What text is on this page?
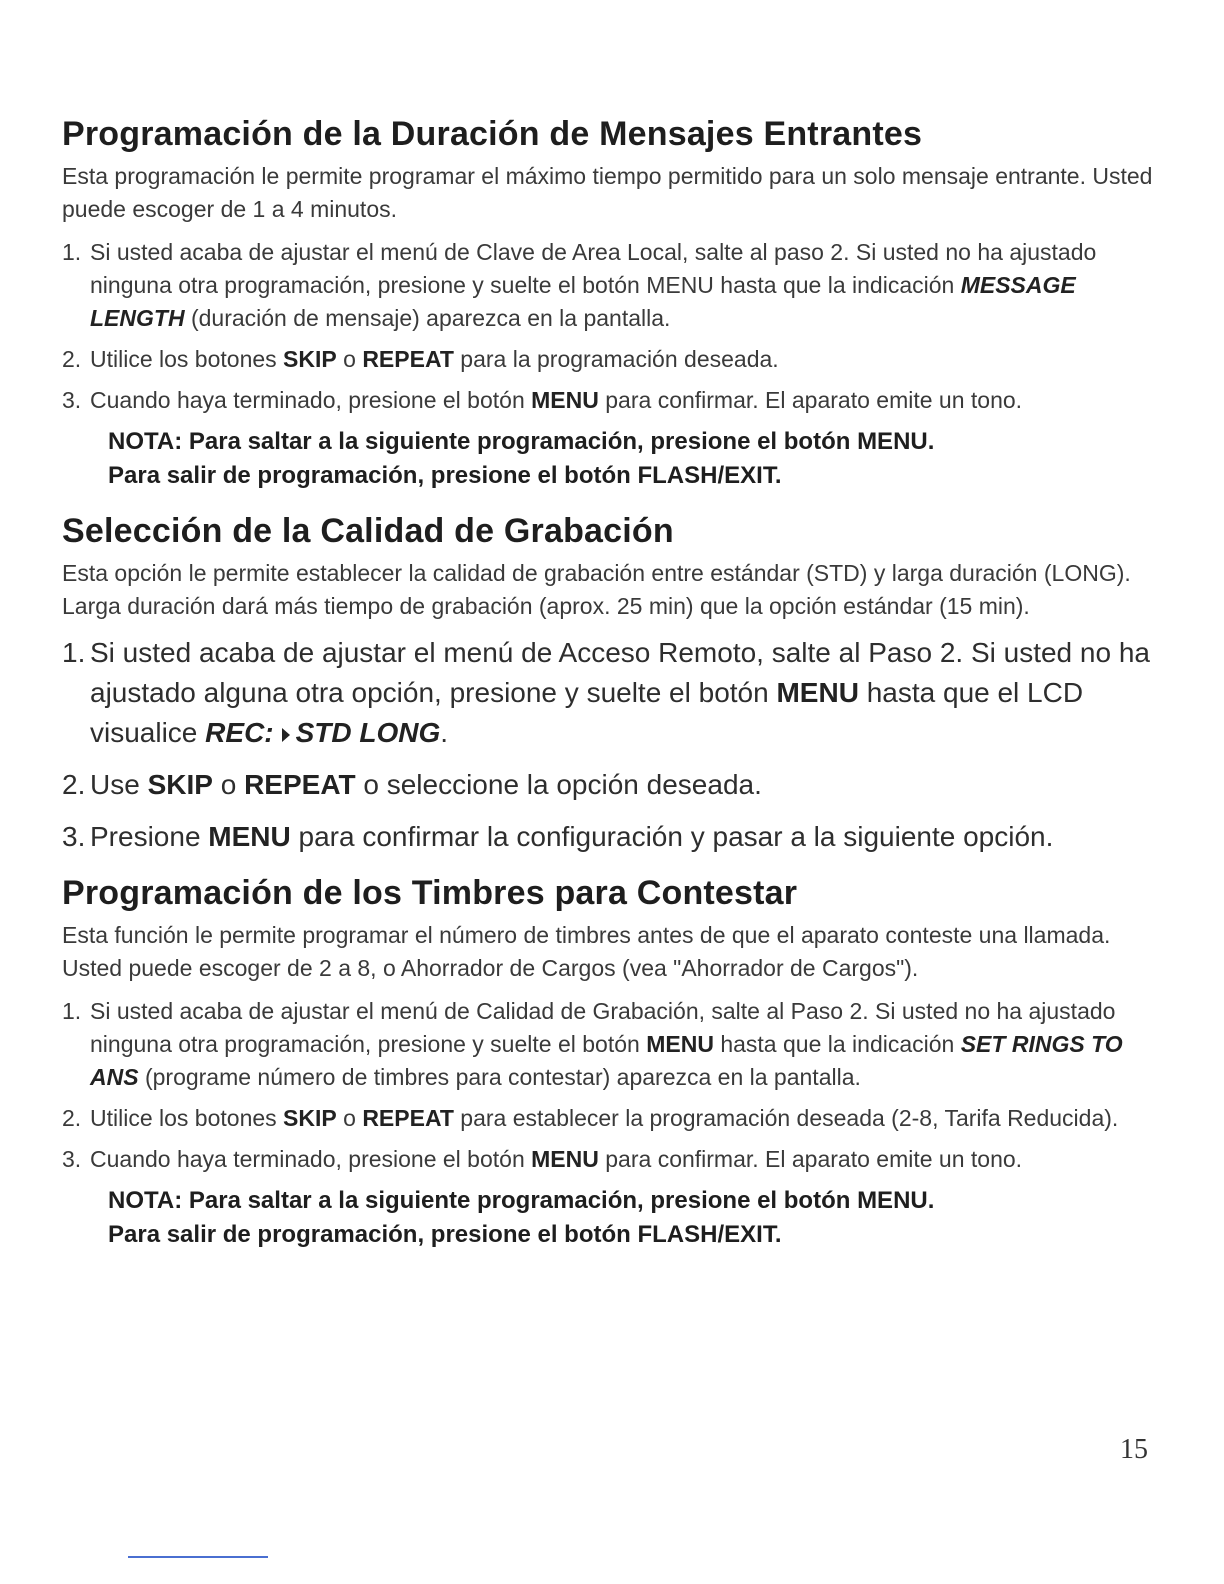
Programación de la Duración de Mensajes Entrantes

Esta programación le permite programar el máximo tiempo permitido para un solo mensaje entrante. Usted puede escoger de 1 a 4 minutos.

1. Si usted acaba de ajustar el menú de Clave de Area Local, salte al paso 2. Si usted no ha ajustado ninguna otra programación, presione y suelte el botón MENU hasta que la indicación MESSAGE LENGTH (duración de mensaje) aparezca en la pantalla.
2. Utilice los botones SKIP o REPEAT para la programación deseada.
3. Cuando haya terminado, presione el botón MENU para confirmar. El aparato emite un tono.
NOTA: Para saltar a la siguiente programación, presione el botón MENU.
Para salir de programación, presione el botón FLASH/EXIT.
Selección de la Calidad de Grabación

Esta opción le permite establecer la calidad de grabación entre estándar (STD) y larga duración (LONG). Larga duración dará más tiempo de grabación (aprox. 25 min) que la opción estándar (15 min).

1. Si usted acaba de ajustar el menú de Acceso Remoto, salte al Paso 2. Si usted no ha ajustado alguna otra opción, presione y suelte el botón MENU hasta que el LCD visualice REC: STD LONG.
2. Use SKIP o REPEAT o seleccione la opción deseada.
3. Presione MENU para confirmar la configuración y pasar a la siguiente opción.
Programación de los Timbres para Contestar

Esta función le permite programar el número de timbres antes de que el aparato conteste una llamada. Usted puede escoger de 2 a 8, o Ahorrador de Cargos (vea "Ahorrador de Cargos").

1. Si usted acaba de ajustar el menú de Calidad de Grabación, salte al Paso 2. Si usted no ha ajustado ninguna otra programación, presione y suelte el botón MENU hasta que la indicación SET RINGS TO ANS (programe número de timbres para contestar) aparezca en la pantalla.
2. Utilice los botones SKIP o REPEAT para establecer la programación deseada (2-8, Tarifa Reducida).
3. Cuando haya terminado, presione el botón MENU para confirmar. El aparato emite un tono.
NOTA: Para saltar a la siguiente programación, presione el botón MENU.
Para salir de programación, presione el botón FLASH/EXIT.
15
